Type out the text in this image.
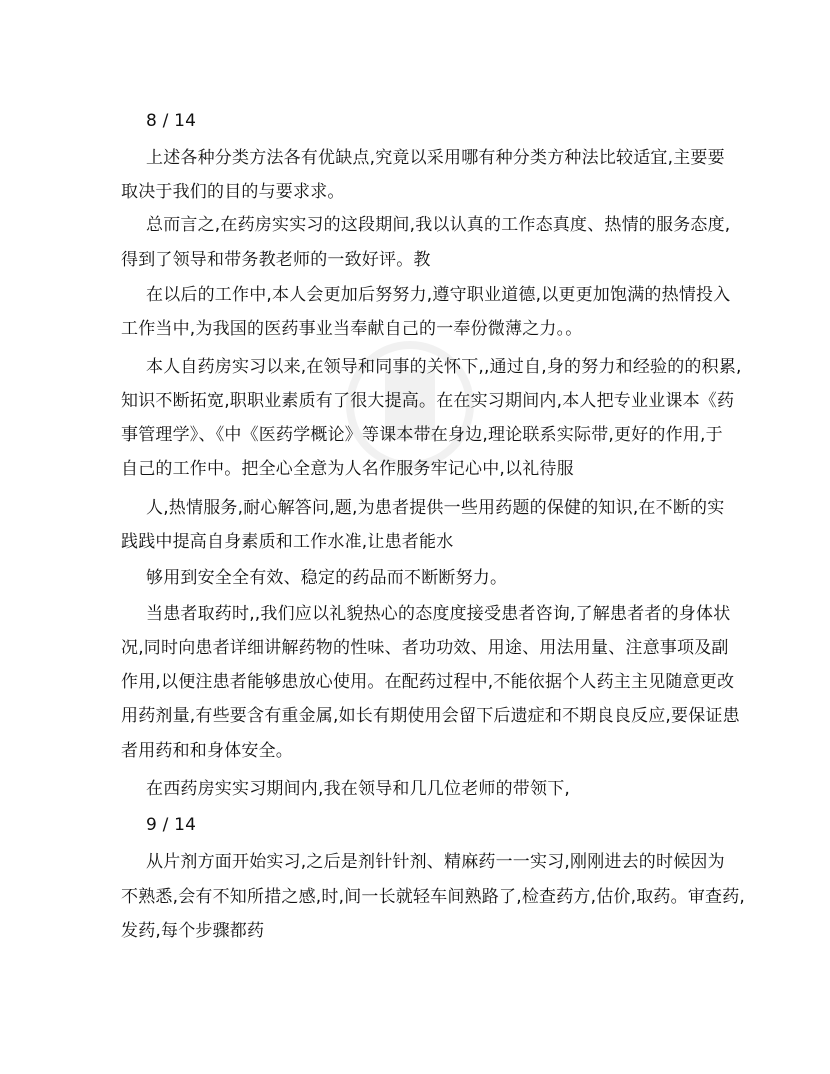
8 / 14
上述各种分类方法各有优缺点,究竟以采用哪有种分类方种法比较适宜,主要要
取决于我们的目的与要求求。
总而言之,在药房实实习的这段期间,我以认真的工作态真度、热情的服务态度,
得到了领导和带务教老师的一致好评。教
在以后的工作中,本人会更加后努努力,遵守职业道德,以更更加饱满的热情投入
工作当中,为我国的医药事业当奉献自己的一奉份微薄之力。。
本人自药房实习以来,在领导和同事的关怀下,,通过自,身的努力和经验的的积累,
知识不断拓宽,职职业素质有了很大提高。在在实习期间内,本人把专业业课本《药
事管理学》、《中《医药学概论》等课本带在身边,理论联系实际带,更好的作用,于
自己的工作中。把全心全意为人名作服务牢记心中,以礼待服
人,热情服务,耐心解答问,题,为患者提供一些用药题的保健的知识,在不断的实
践践中提高自身素质和工作水准,让患者能水
够用到安全全有效、稳定的药品而不断断努力。
当患者取药时,,我们应以礼貌热心的态度度接受患者咨询,了解患者者的身体状
况,同时向患者详细讲解药物的性味、者功功效、用途、用法用量、注意事项及副
作用,以便注患者能够患放心使用。在配药过程中,不能依据个人药主主见随意更改
用药剂量,有些要含有重金属,如长有期使用会留下后遗症和不期良良反应,要保证患
者用药和和身体安全。
在西药房实实习期间内,我在领导和几几位老师的带领下,
9 / 14
从片剂方面开始实习,之后是剂针针剂、精麻药一一实习,刚刚进去的时候因为
不熟悉,会有不知所措之感,时,间一长就轻车间熟路了,检查药方,估价,取药。审查药,
发药,每个步骤都药
